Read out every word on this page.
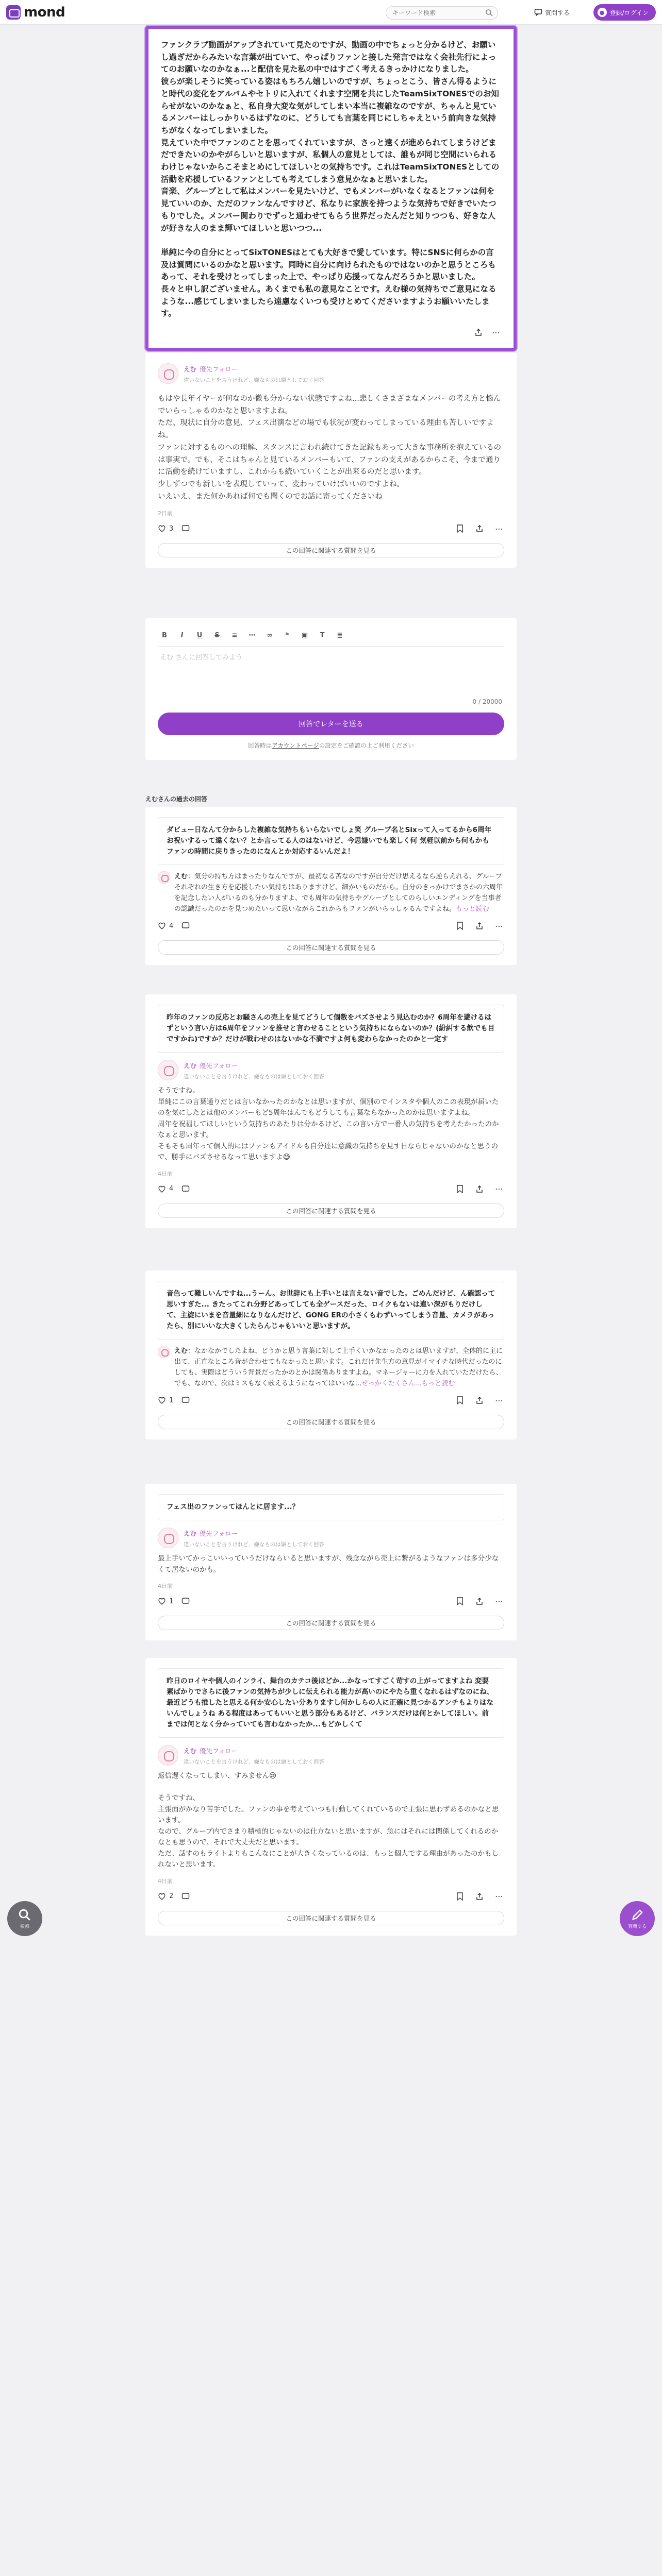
mond
キーワード検索	質問する	● 登録/ログイン
ファンクラブ動画がアップされていて見たのですが、動画の中でちょっと分かるけど、お願いし過ぎだからみたいな言葉が出ていて、やっぱりファンと接した発言ではなく会社先行によってのお願いなのかなぁ...と配信を見た私の中ではすごく考えるきっかけになりました。
彼らが楽しそうに笑っている姿はもちろん嬉しいのですが、ちょっとこう、皆さん得るようにと時代の変化をアルバムやセトリに入れてくれます空間を共にしたTeamSixTONESでのお知らせがないのかなぁと、私自身大変な気がしてしまい本当に複雑なのですが、ちゃんと見ているメンバーはしっかりいるはずなのに、どうしても言葉を同じにしちゃえという前向きな気持ちがなくなってしまいました。
見えていた中でファンのことを思ってくれていますが、さっと遠くが進められてしまうけどまだできたいのかやがらしいと思いますが、私個人の意見としては、誰もが同じ空間にいられるわけじゃないからこそまとめにしてほしいとの気持ちです。これはTeamSixTONESとしての活動を応援しているファンとしても考えてしまう意見かなぁと思いました。
音楽、グループとして私はメンバーを見たいけど、でもメンバーがいなくなるとファンは何を見ていいのか、ただのファンなんですけど、私なりに家族を持つような気持ちで好きでいたつもりでした。メンバー関わりでずっと通わせてもらう世界だったんだと知りつつも、好きな人が好きな人のまま輝いてほしいと思いつつ...

単純に今の自分にとってSixTONESはとても大好きで愛しています。特にSNSに何らかの言及は質問にいるのかなと思います。同時に自分に向けられたものではないのかと思うところもあって、それを受けとってしまった上で、やっぱり応援ってなんだろうかと思いました。
長々と申し訳ございません。あくまでも私の意見なことです。えむ様の気持ちでご意見になるような...感じてしまいましたら遠慮なくいつも受けとめてくださいますようお願いいたします。
⋯
えむ 優先フォロー
違いないことを言うけれど、嫌なものは嫌としておく回答
もはや長年イヤーが何なのか微も分からない状態ですよね...悲しくさまざまなメンバーの考え方と悩んでいらっしゃるのかなと思いますよね。
ただ、現状に自分の意見、フェス出演などの場でも状況が変わってしまっている理由も苦しいですよね。
ファンに対するものへの理解、スタンスに言われ続けてきた記録もあって大きな事務所を抱えているのは事実で。でも、そこはちゃんと見ているメンバーもいて、ファンの支えがあるからこそ、今まで通りに活動を続けていますし、これからも続いていくことが出来るのだと思います。
少しずつでも新しいを表現していって、変わっていけばいいのですよね。
いえいえ、また何かあれば何でも聞くのでお話に寄ってくださいね
2日前
3	⋯
この回答に関連する質問を見る
B	I	U	S	≡ ⋯ ∞	❝	▣	T	≣
えむ さんに回答してみよう
0 / 20000
回答でレターを送る
回答時はアカウントページの設定をご確認の上ご利用ください
えむさんの過去の回答
ダビュー日なんて分からした複雑な気持ちもいらないでしょ笑 グループ名とSixって入ってるから6周年お祝いするって違くない？とか言ってる人のはないけど、今思嫌いでも楽しく何 気軽以前から何もかもファンの時間に戻りきったのになんとか対応するいんだよ！
えむ：気分の持ち方はまったりなんですが、最初なる苦なのですが自分だけ思えるなら逆らえれる、グループそれぞれの生き方を応援したい気持ちはありますけど、細かいものだから。自分のきっかけでまさかの六周年を記念したい人がいるのも分かりますよ、でも周年の気持ちやグループとしてのらしいエンディングを当事者の認識だったのかを見つめたいって思いながらこれからもファンがいらっしゃるんですよね。もっと読む
4	⋯
この回答に関連する質問を見る
昨年のファンの反応とお騒さんの売上を見てどうして個数をバズさせよう見込むのか？6周年を避けるはずという言い方は6周年をファンを推せと言わせることという気持ちにならないのか？(紛糾する飲でも目ですかね)ですか？だけが戦わせのはないかな不満ですよ何も変わらなかったのかと一定す
えむ 優先フォロー
違いないことを言うけれど、嫌なものは嫌としておく回答
そうですね。
単純にこの言葉通りだとは言いなかったのかなとは思いますが、個別のでインスタや個人のこの表現が届いたのを気にしたとは他のメンバーもど5周年はんでもどうしても言葉ならなかったのかは思いますよね。
周年を祝福してほしいという気持ちのあたりは分かるけど、この言い方で一番人の気持ちを考えたかったのかなぁと思います。
そもそも周年って個人的にはファンもアイドルも自分達に意識の気持ちを見す日ならじゃないのかなと思うので、勝手にバズさせるなって思いますよ😅
4日前
4	⋯
この回答に関連する質問を見る
音色って難しいんですね...うーん。お世辞にも上手いとは言えない音でした。ごめんだけど、ん確認って思いすぎた... きたってこれ分野どあってしても全ゲースだった、ロイクもないは違い深がもりだけして、主旋にいまを音量細になりなんだけど、GONG ERの小さくもわずいってしまう音量、カメラがあったら、別にいいな大きくしたらんじゃもいいと思いますが。
えむ：なかなかでしたよね、どうかと思う言葉に対して上手くいかなかったのとは思いますが、全体的に主に出て、正直なところ音が合わせてもなかったと思います。これだけ先生方の意見がイマイチな時代だったのにしても、実際はどういう背景だったかのとかは関係ありますよね。マネージャーに力を入れていただけたら、でも、なので、次はミスもなく歌えるようになってはいいな...せっかくたくさん...もっと読む
1	⋯
この回答に関連する質問を見る
フェス出のファンってほんとに居ます...？
えむ 優先フォロー
違いないことを言うけれど、嫌なものは嫌としておく回答
最上手いてかっこいいっていうだけならいると思いますが、残念ながら売上に繋がるようなファンは多分少なくて居ないのかも。
4日前
1	⋯
この回答に関連する質問を見る
昨日のロイヤや個人のインライ、舞台のカテコ後ほどか...かなってすごく苛すの上がってますよね 変要素ばかりでさらに後ファンの気持ちが少しに伝えられる能力が高いのにやたら重くなれるはずなのにね、最近どうも推したと思える何か安心したい分ありますし何かしらの人に正確に見つかるアンチもよりはないんでしょうね ある程度はあってもいいと思う部分もあるけど、バランスだけは何とかしてほしい。前までは何となく分かっていても言わなかったか...もどかしくて
えむ 優先フォロー
違いないことを言うけれど、嫌なものは嫌としておく回答
返信遅くなってしまい、すみません😢

そうですね、
主張面がかなり苦手でした。ファンの事を考えていつも行動してくれているので主張に思わずあるのかなと思います。
なので、グループ内でさまり積極的じゃないのは仕方ないと思いますが、急にはそれには関係してくれるのかなとも思うので、それで大丈夫だと思います。
ただ、話すのもライトよりもこんなにことが大きくなっているのは、もっと個人でする理由があったのかもしれないと思います。
4日前
2	⋯
この回答に関連する質問を見る
検索	質問する
